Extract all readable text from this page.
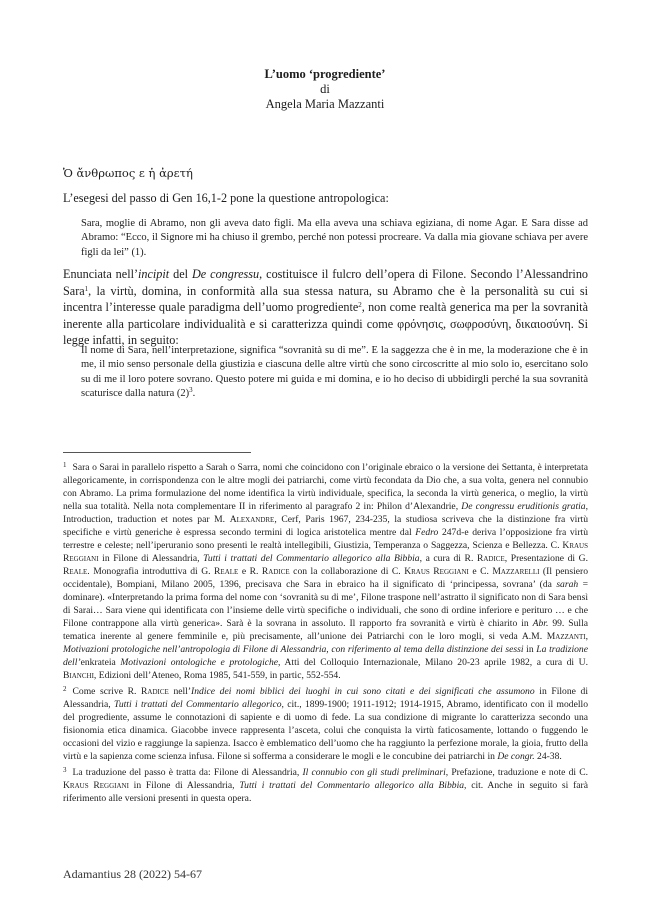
L’uomo ‘progrediente’
di
Angela Maria Mazzanti
Ὁ ἄνθρωπος ε ἡ ἀρετή

L’esegesi del passo di Gen 16,1-2 pone la questione antropologica:

Sara, moglie di Abramo, non gli aveva dato figli. Ma ella aveva una schiava egiziana, di nome Agar. E Sara disse ad Abramo: “Ecco, il Signore mi ha chiuso il grembo, perché non potessi procreare. Va dalla mia giovane schiava per avere figli da lei” (1).

Enunciata nell’incipit del De congressu, costituisce il fulcro dell’opera di Filone. Secondo l’Alessandrino Sara$^1$, la virtù, domina, in conformità alla sua stessa natura, su Abramo che è la personalità su cui si incentra l’interesse quale paradigma dell’uomo progrediente$^2$, non come realtà generica ma per la sovranità inerente alla particolare individualità e si caratterizza quindi come φρόνησις, σωφροσύνη, δικαιοσύνη. Si legge infatti, in seguito:

Il nome di Sara, nell’interpretazione, significa “sovranità su di me”. E la saggezza che è in me, la moderazione che è in me, il mio senso personale della giustizia e ciascuna delle altre virtù che sono circoscritte al mio solo io, esercitano solo su di me il loro potere sovrano. Questo potere mi guida e mi domina, e io ho deciso di ubbidirgli perché la sua sovranità scaturisce dalla natura (2)$^3$.

$^1$ Sara o Sarai in parallelo rispetto a Sarah o Sarra, nomi che coincidono con l’originale ebraico o la versione dei Settanta, è interpretata allegoricamente, in corrispondenza con le altre mogli dei patriarchi, come virtù fecondata da Dio che, a sua volta, genera nel connubio con Abramo. La prima formulazione del nome identifica la virtù individuale, specifica, la seconda la virtù generica, o meglio, la virtù nella sua totalità. Nella nota complementare II in riferimento al paragrafo 2 in: Philon d’Alexandrie, De congressu eruditionis gratia, Introduction, traduction et notes par M. Alexandre, Cerf, Paris 1967, 234-235, la studiosa scriveva che la distinzione fra virtù specifiche e virtù generiche è espressa secondo termini di logica aristotelica mentre dal Fedro 247d-e deriva l’opposizione fra virtù terrestre e celeste; nell’iperuranio sono presenti le realtà intellegibili, Giustizia, Temperanza o Saggezza, Scienza e Bellezza. C. Kraus Reggiani in Filone di Alessandria, Tutti i trattati del Commentario allegorico alla Bibbia, a cura di R. Radice, Presentazione di G. Reale. Monografia introduttiva di G. Reale e R. Radice con la collaborazione di C. Kraus Reggiani e C. Mazzarelli (Il pensiero occidentale), Bompiani, Milano 2005, 1396, precisava che Sara in ebraico ha il significato di ‘principessa, sovrana’ (da sarah = dominare). «Interpretando la prima forma del nome con ‘sovranità su di me’, Filone traspone nell’astratto il significato non di Sara bensì di Sarai… Sara viene qui identificata con l’insieme delle virtù specifiche o individuali, che sono di ordine inferiore e perituro … e che Filone contrappone alla virtù generica». Sarà è la sovrana in assoluto. Il rapporto fra sovranità e virtù è chiarito in Abr. 99. Sulla tematica inerente al genere femminile e, più precisamente, all’unione dei Patriarchi con le loro mogli, si veda A.M. Mazzanti, Motivazioni protologiche nell’antropologia di Filone di Alessandria, con riferimento al tema della distinzione dei sessi in La tradizione dell’enkrateia Motivazioni ontologiche e protologiche, Atti del Colloquio Internazionale, Milano 20-23 aprile 1982, a cura di U. Bianchi, Edizioni dell’Ateneo, Roma 1985, 541-559, in partic, 552-554.

$^2$ Come scrive R. Radice nell’Indice dei nomi biblici dei luoghi in cui sono citati e dei significati che assumono in Filone di Alessandria, Tutti i trattati del Commentario allegorico, cit., 1899-1900; 1911-1912; 1914-1915, Abramo, identificato con il modello del progrediente, assume le connotazioni di sapiente e di uomo di fede. La sua condizione di migrante lo caratterizza secondo una fisionomia etica dinamica. Giacobbe invece rappresenta l’asceta, colui che conquista la virtù faticosamente, lottando o fuggendo le occasioni del vizio e raggiunge la sapienza. Isacco è emblematico dell’uomo che ha raggiunto la perfezione morale, la gioia, frutto della virtù e la sapienza come scienza infusa. Filone si sofferma a considerare le mogli e le concubine dei patriarchi in De congr. 24-38.

$^3$ La traduzione del passo è tratta da: Filone di Alessandria, Il connubio con gli studi preliminari, Prefazione, traduzione e note di C. Kraus Reggiani in Filone di Alessandria, Tutti i trattati del Commentario allegorico alla Bibbia, cit. Anche in seguito si farà riferimento alle versioni presenti in questa opera.

Adamantius 28 (2022) 54-67
